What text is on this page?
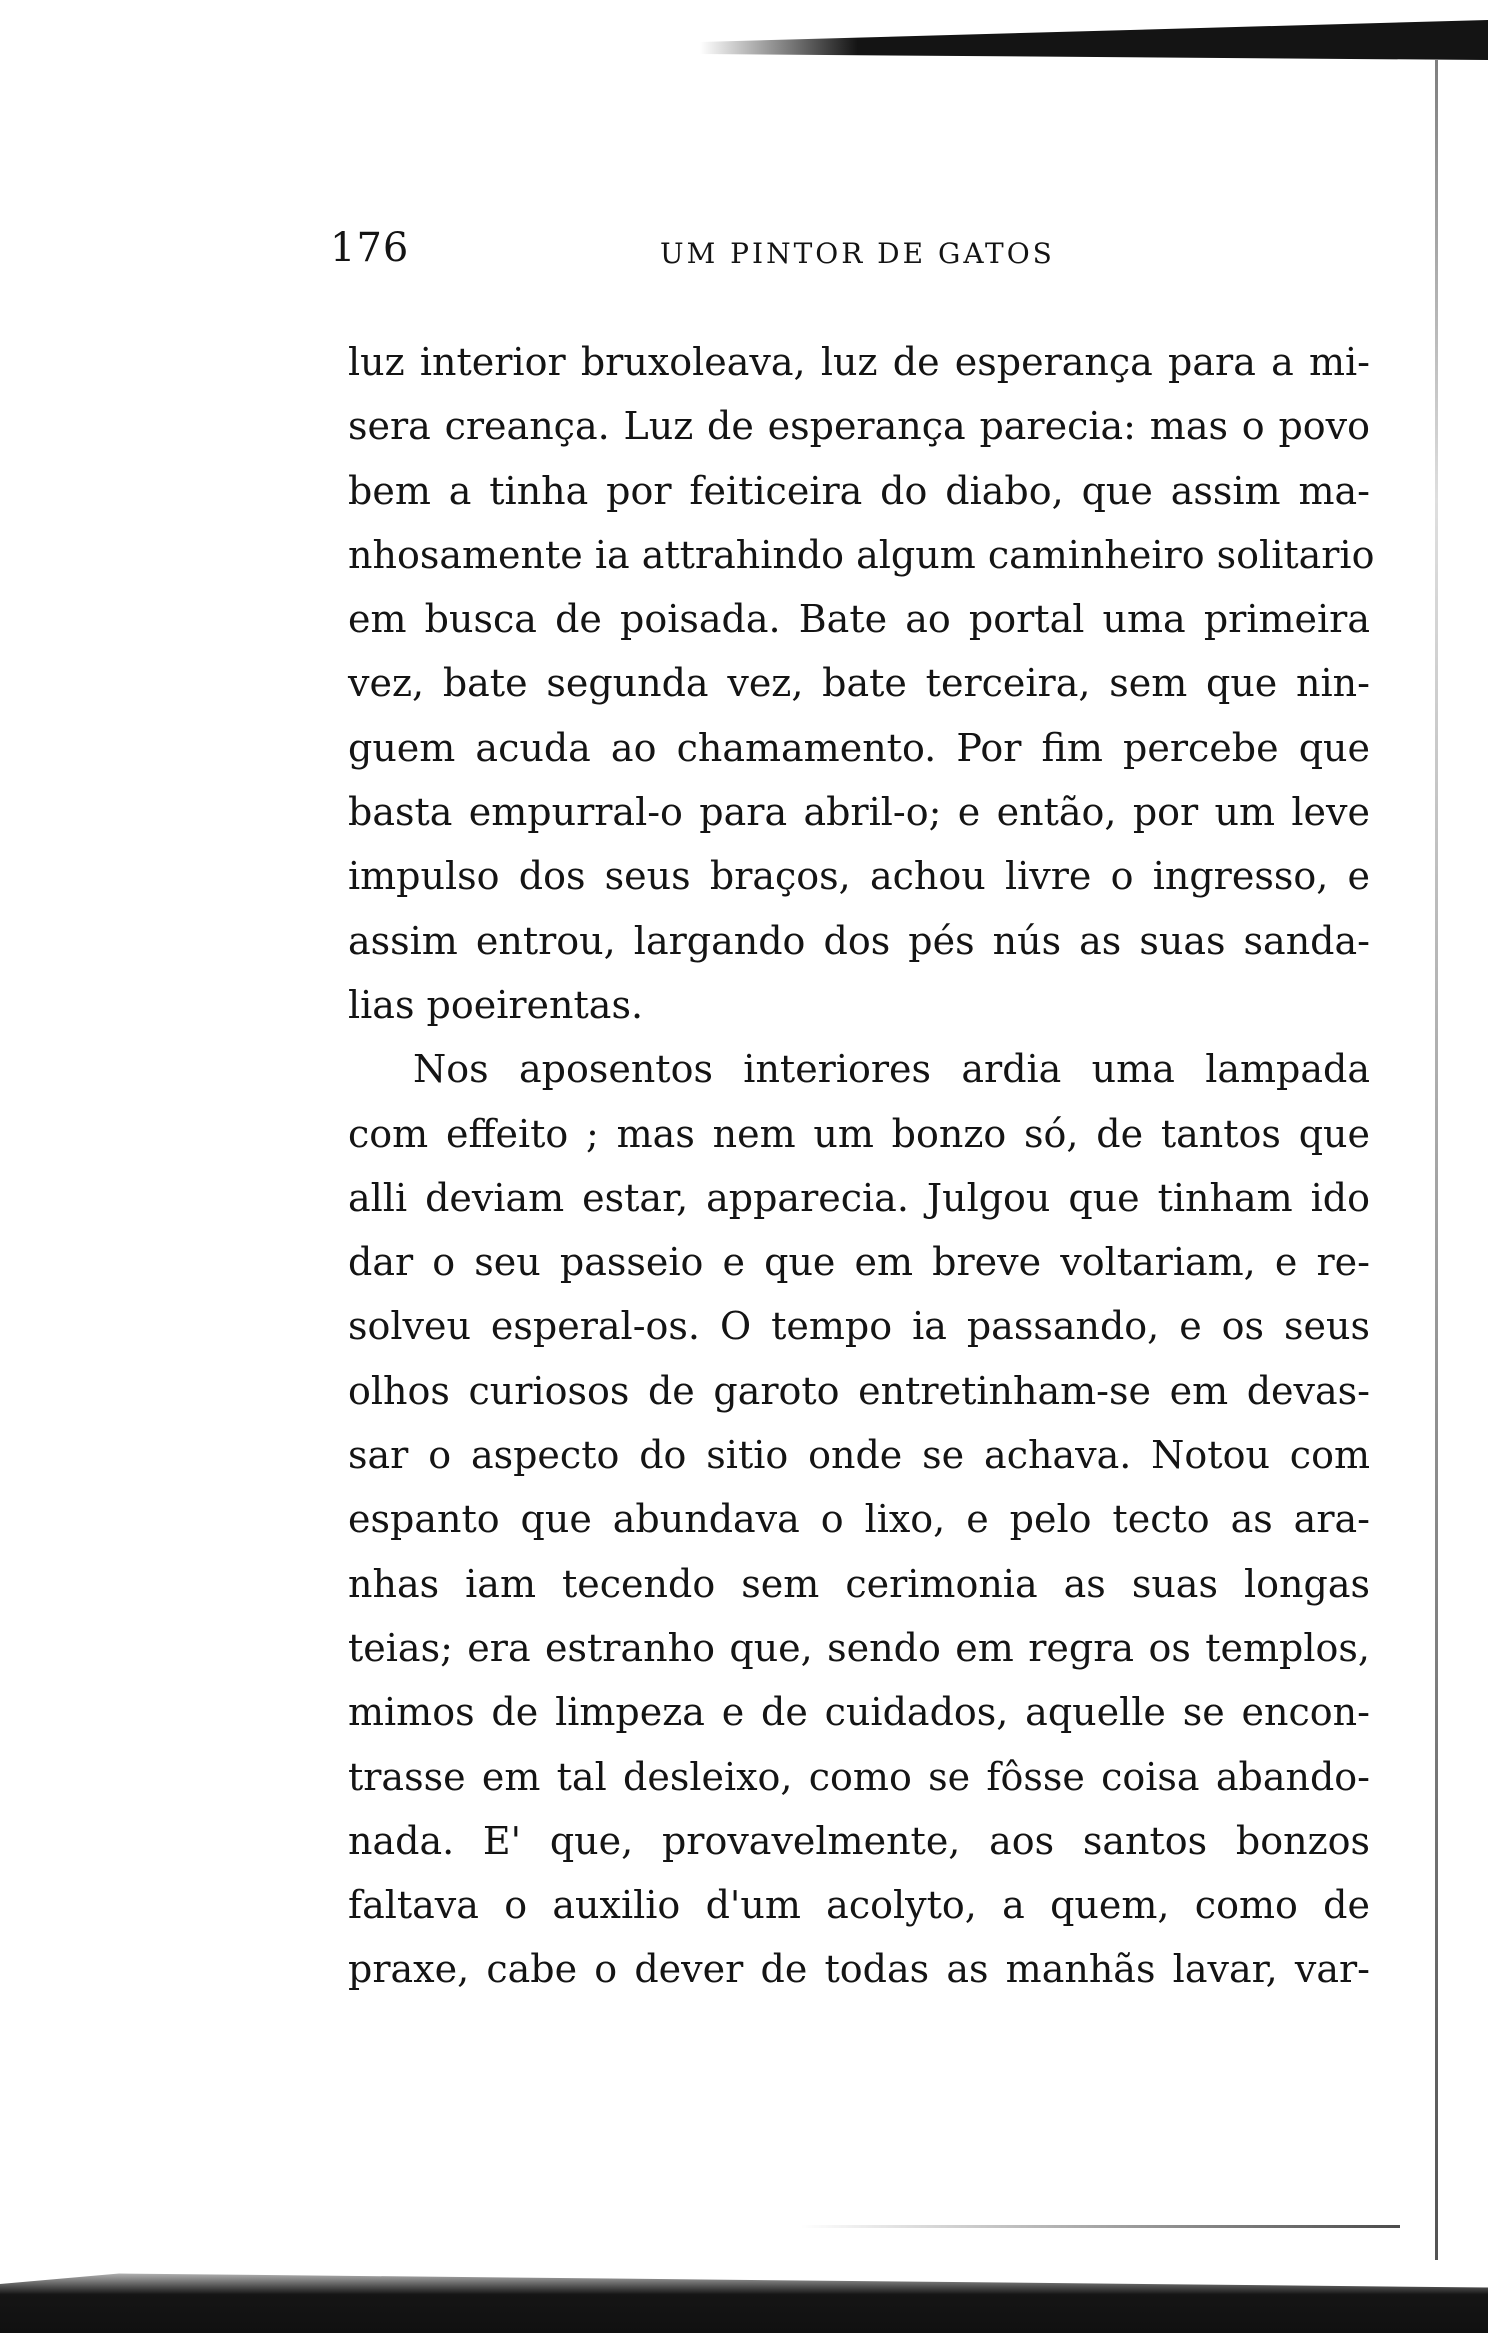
176	UM PINTOR DE GATOS
luz interior bruxoleava, luz de esperança para a mi-
sera creança. Luz de esperança parecia: mas o povo
bem a tinha por feiticeira do diabo, que assim ma-
nhosamente ia attrahindo algum caminheiro solitario
em busca de poisada. Bate ao portal uma primeira
vez, bate segunda vez, bate terceira, sem que nin-
guem acuda ao chamamento. Por fim percebe que
basta empurral-o para abril-o; e então, por um leve
impulso dos seus braços, achou livre o ingresso, e
assim entrou, largando dos pés nús as suas sanda-
lias poeirentas.
Nos aposentos interiores ardia uma lampada
com effeito ; mas nem um bonzo só, de tantos que
alli deviam estar, apparecia. Julgou que tinham ido
dar o seu passeio e que em breve voltariam, e re-
solveu esperal-os. O tempo ia passando, e os seus
olhos curiosos de garoto entretinham-se em devas-
sar o aspecto do sitio onde se achava. Notou com
espanto que abundava o lixo, e pelo tecto as ara-
nhas iam tecendo sem cerimonia as suas longas
teias; era estranho que, sendo em regra os templos,
mimos de limpeza e de cuidados, aquelle se encon-
trasse em tal desleixo, como se fôsse coisa abando-
nada. E' que, provavelmente, aos santos bonzos
faltava o auxilio d'um acolyto, a quem, como de
praxe, cabe o dever de todas as manhãs lavar, var-
